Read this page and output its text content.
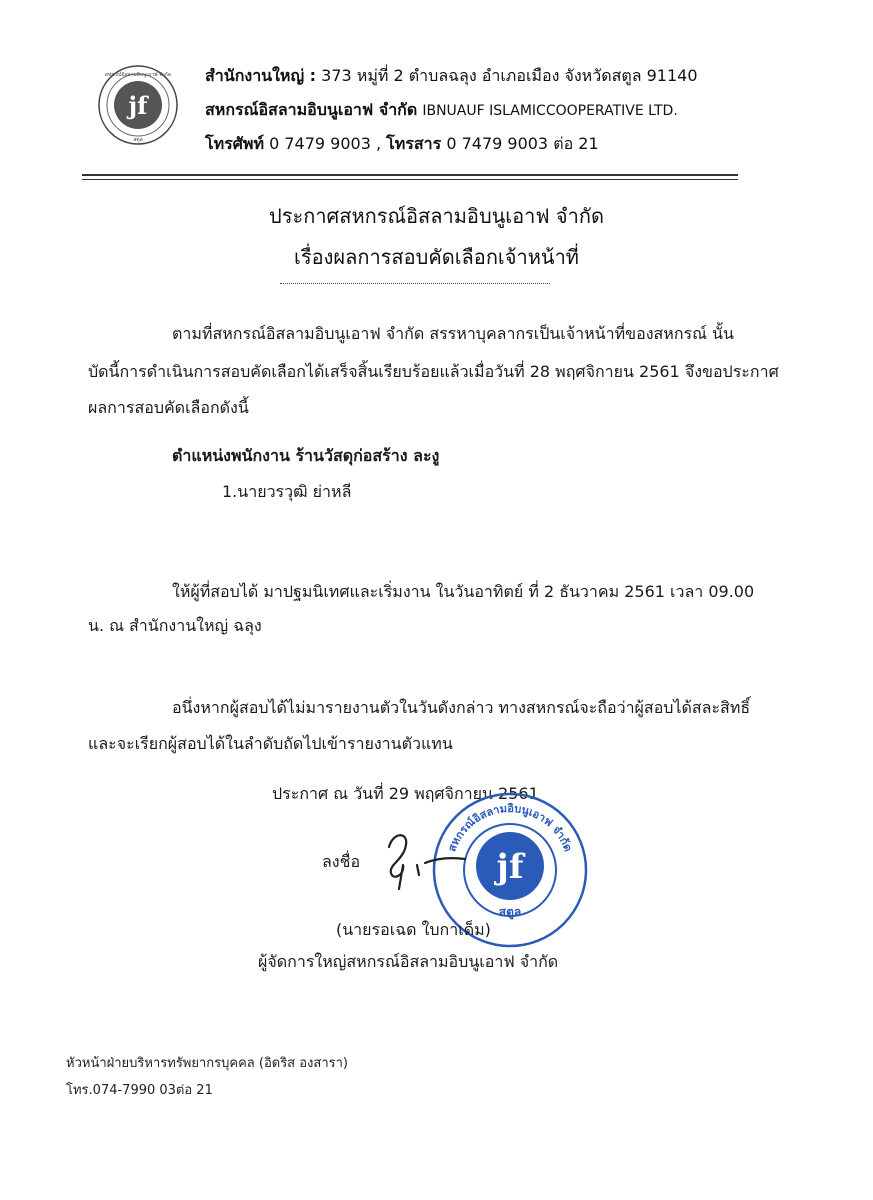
jf
สหกรณ์อิสลามอิบนูเอาฟ จำกัด
สตูล
สำนักงานใหญ่ : 373 หมู่ที่ 2 ตำบลฉลุง อำเภอเมือง จังหวัดสตูล 91140
สหกรณ์อิสลามอิบนูเอาฟ จำกัด IBNUAUF ISLAMICCOOPERATIVE LTD.
โทรศัพท์ 0 7479 9003 , โทรสาร 0 7479 9003 ต่อ 21
ประกาศสหกรณ์อิสลามอิบนูเอาฟ จำกัด
เรื่องผลการสอบคัดเลือกเจ้าหน้าที่
ตามที่สหกรณ์อิสลามอิบนูเอาฟ จำกัด สรรหาบุคลากรเป็นเจ้าหน้าที่ของสหกรณ์ นั้น
บัดนี้การดำเนินการสอบคัดเลือกได้เสร็จสิ้นเรียบร้อยแล้วเมื่อวันที่ 28 พฤศจิกายน 2561 จึงขอประกาศ
ผลการสอบคัดเลือกดังนี้
ตำแหน่งพนักงาน ร้านวัสดุก่อสร้าง ละงู
1.นายวรวุฒิ ย่าหลี
ให้ผู้ที่สอบได้ มาปฐมนิเทศและเริ่มงาน ในวันอาทิตย์ ที่ 2 ธันวาคม 2561 เวลา 09.00
น. ณ สำนักงานใหญ่ ฉลุง
อนึ่งหากผู้สอบได้ไม่มารายงานตัวในวันดังกล่าว ทางสหกรณ์จะถือว่าผู้สอบได้สละสิทธิ์
และจะเรียกผู้สอบได้ในลำดับถัดไปเข้ารายงานตัวแทน
ประกาศ ณ วันที่ 29 พฤศจิกายน 2561
jf
สหกรณ์อิสลามอิบนูเอาฟ จำกัด
สตูล
ลงชื่อ
(นายรอเฉด ใบกาเด็ม)
ผู้จัดการใหญ่สหกรณ์อิสลามอิบนูเอาฟ จำกัด
หัวหน้าฝ่ายบริหารทรัพยากรบุคคล (อิดริส องสารา)
โทร.074-7990 03ต่อ 21
